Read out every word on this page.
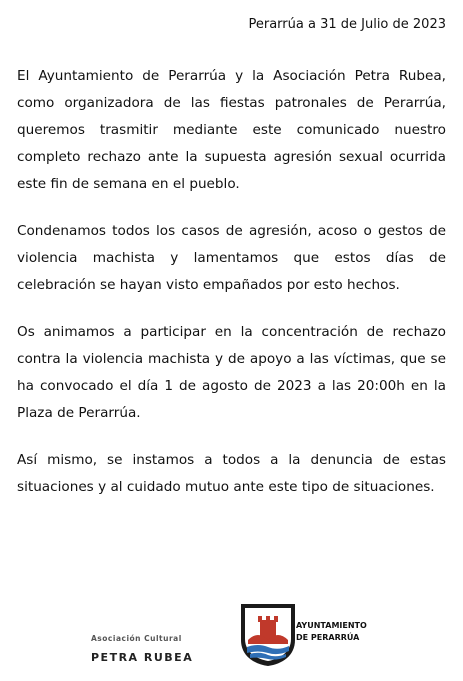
Perarrúa a 31 de Julio de 2023

El Ayuntamiento de Perarrúa y la Asociación Petra Rubea, como organizadora de las fiestas patronales de Perarrúa, queremos trasmitir mediante este comunicado nuestro completo rechazo ante la supuesta agresión sexual ocurrida este fin de semana en el pueblo.

Condenamos todos los casos de agresión, acoso o gestos de violencia machista y lamentamos que estos días de celebración se hayan visto empañados por esto hechos.

Os animamos a participar en la concentración de rechazo contra la violencia machista y de apoyo a las víctimas, que se ha convocado el día 1 de agosto de 2023 a las 20:00h en la Plaza de Perarrúa.

Así mismo, se instamos a todos a la denuncia de estas situaciones y al cuidado mutuo ante este tipo de situaciones.

Asociación Cultural
PETRA RUBEA
AYUNTAMIENTO
DE PERARRÚA
